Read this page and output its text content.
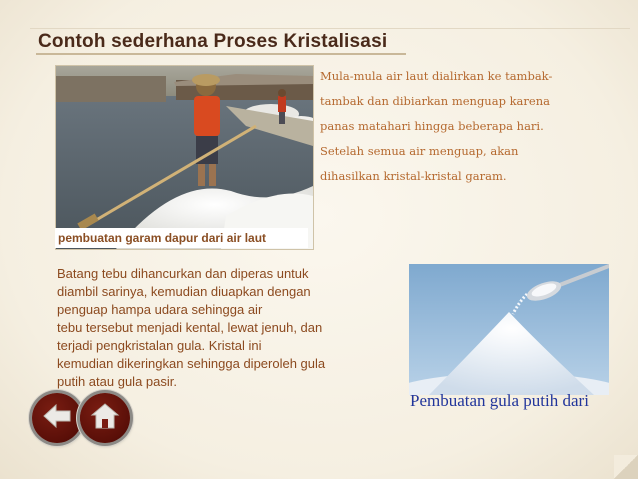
Contoh sederhana Proses Kristalisasi
pembuatan garam dapur dari air laut
Mula-mula air laut dialirkan ke tambak-
tambak dan dibiarkan menguap karena
panas matahari hingga beberapa hari.
Setelah semua air menguap, akan
dihasilkan kristal-kristal garam.
Batang tebu dihancurkan dan diperas untuk
diambil sarinya, kemudian diuapkan dengan
penguap hampa udara sehingga air
tebu tersebut menjadi kental, lewat jenuh, dan
terjadi pengkristalan gula. Kristal ini
kemudian dikeringkan sehingga diperoleh gula
putih atau gula pasir.
Pembuatan gula putih dari
